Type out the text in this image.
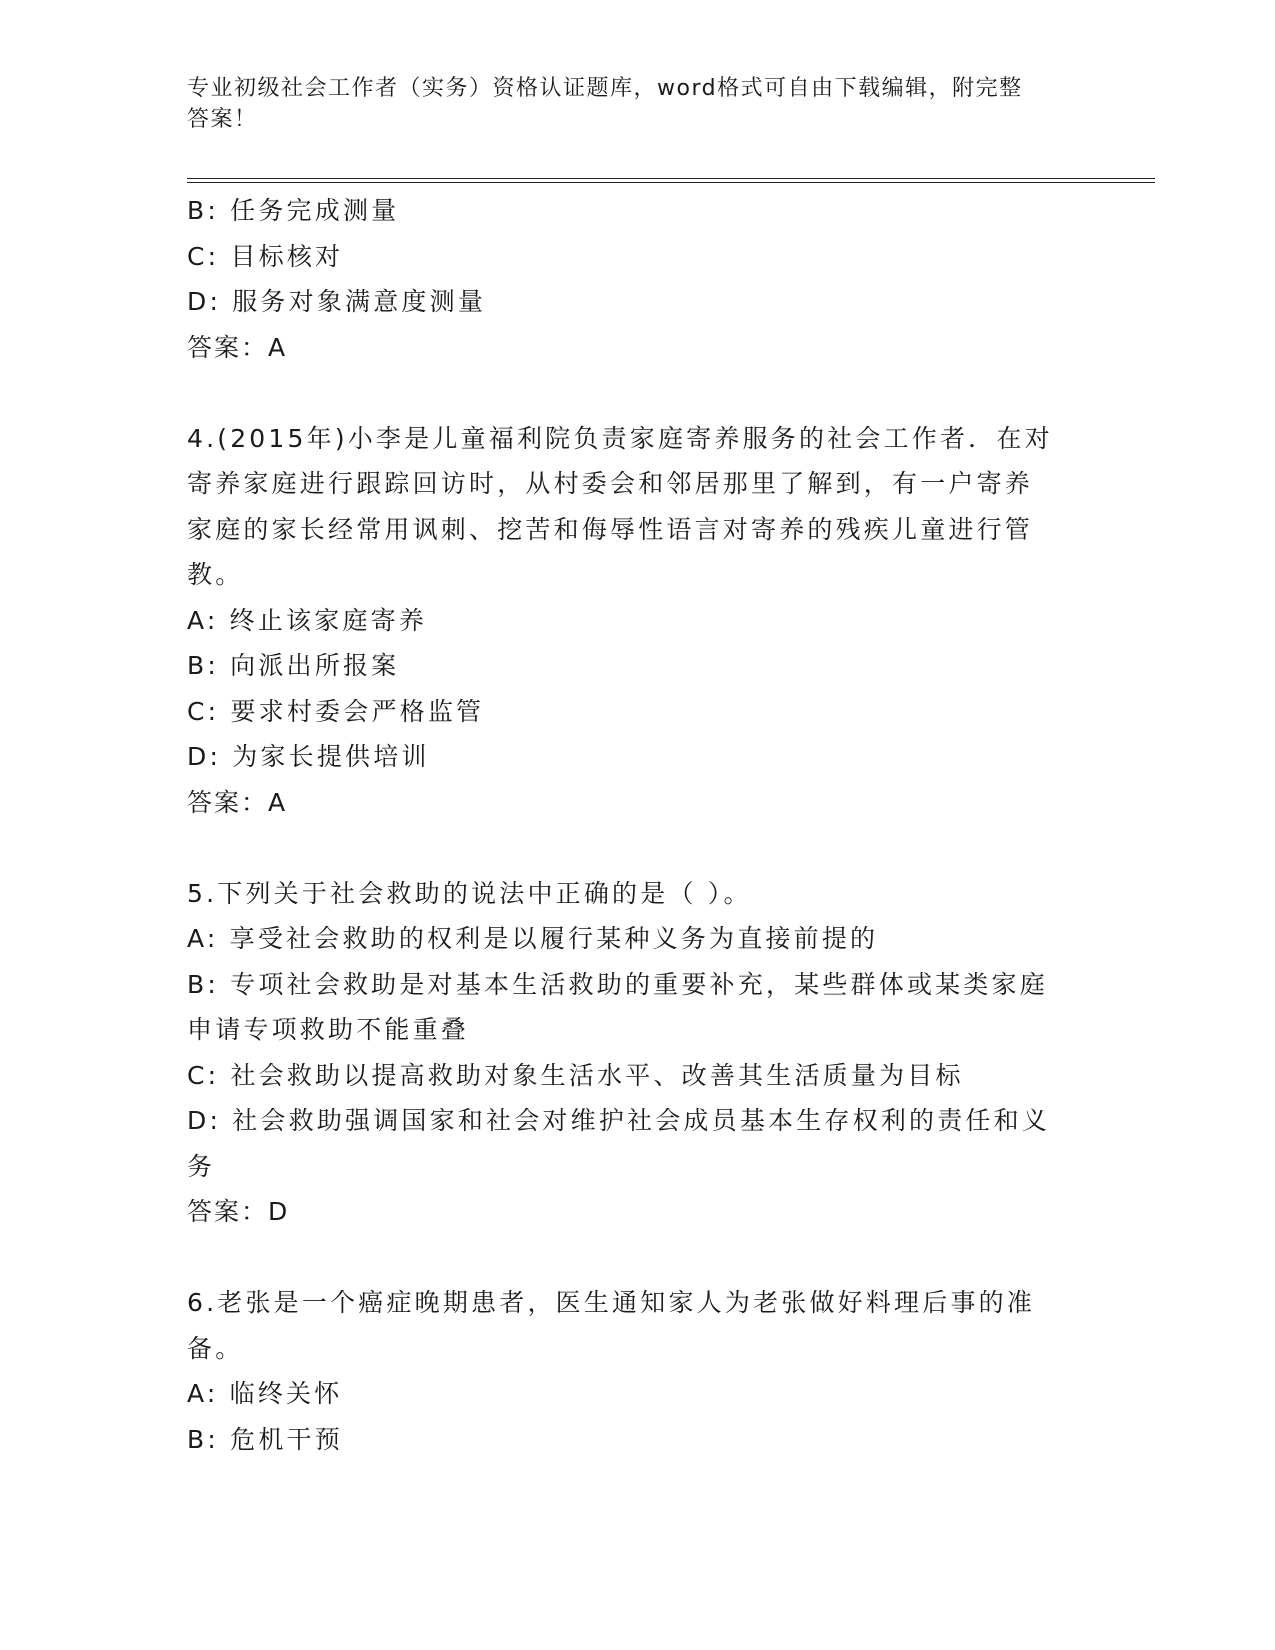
专业初级社会工作者（实务）资格认证题库，word格式可自由下载编辑，附完整
答案！
B: 任务完成测量
C: 目标核对
D: 服务对象满意度测量
答案：A
4.(2015年)小李是儿童福利院负责家庭寄养服务的社会工作者．在对
寄养家庭进行跟踪回访时，从村委会和邻居那里了解到，有一户寄养
家庭的家长经常用讽刺、挖苦和侮辱性语言对寄养的残疾儿童进行管
教。
A: 终止该家庭寄养
B: 向派出所报案
C: 要求村委会严格监管
D: 为家长提供培训
答案：A
5.下列关于社会救助的说法中正确的是（ ）。
A: 享受社会救助的权利是以履行某种义务为直接前提的
B: 专项社会救助是对基本生活救助的重要补充，某些群体或某类家庭
申请专项救助不能重叠
C: 社会救助以提高救助对象生活水平、改善其生活质量为目标
D: 社会救助强调国家和社会对维护社会成员基本生存权利的责任和义
务
答案：D
6.老张是一个癌症晚期患者，医生通知家人为老张做好料理后事的准
备。
A: 临终关怀
B: 危机干预
